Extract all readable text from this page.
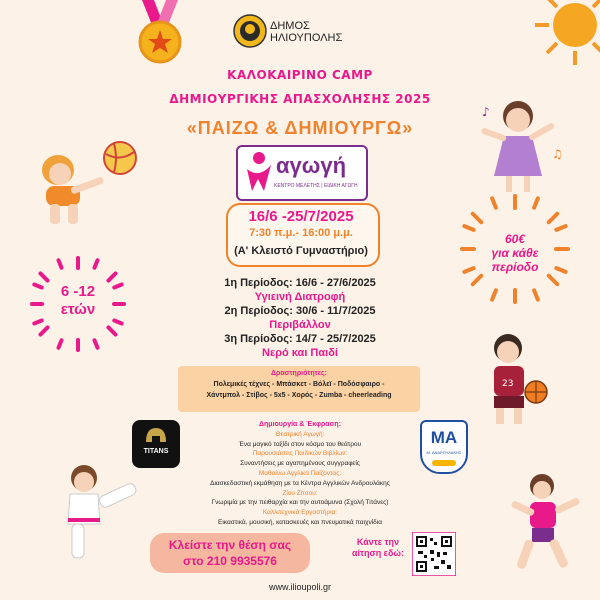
ΔΗΜΟΣ
ΗΛΙΟΥΠΟΛΗΣ
ΚΑΛΟΚΑΙΡΙΝΟ CAMP
ΔΗΜΙΟΥΡΓΙΚΗΣ ΑΠΑΣΧΟΛΗΣΗΣ 2025
«ΠΑΙΖΩ & ΔΗΜΙΟΥΡΓΩ»
αγωγή
ΚΕΝΤΡΟ ΜΕΛΕΤΗΣ | ΕΙΔΙΚΗ ΑΓΩΓΗ
16/6 -25/7/2025
7:30 π.μ.- 16:00 μ.μ.
(Α' Κλειστό Γυμναστήριο)
6 -12
ετών
60€
για κάθε
περίοδο
1η Περίοδος: 16/6 - 27/6/2025
Υγιεινή Διατροφή
2η Περίοδος: 30/6 - 11/7/2025
Περιβάλλον
3η Περίοδος: 14/7 - 25/7/2025
Νερό και Παιδί
Δραστηριότητες:
Πολεμικές τέχνες - Μπάσκετ - Βόλεϊ - Ποδόσφαιρο -
Χάντμπολ - Στίβος - 5x5 - Χορός - Zumba - cheerleading
Δημιουργία & Έκφραση:
Θεατρική Αγωγή:
Ένα μαγικό ταξίδι στον κόσμο του θεάτρου
Παρουσιάσεις Παιδικών Βιβλίων:
Συναντήσεις με αγαπημένους συγγραφείς
Μαθαίνω Αγγλικά Παίζοντας:
Διασκεδαστική εκμάθηση με τα Κέντρα Αγγλικών Ανδρουλάκης
Ζίου Ζίτσου:
Γνωριμία με την πειθαρχία και την αυτοάμυνα (Σχολή Τιτάνες)
Καλλιτεχνικά Εργαστήρια:
Εικαστικά, μουσική, κατασκευές και πνευματικά παιχνίδια
TITANS
MA
Μ. ΑΝΔΡΟΥΛΑΚΗΣ
Κλείστε την θέση σας
στο 210 9935576
Κάντε την
αίτηση εδώ:
www.ilioupoli.gr
♪
♫
23
